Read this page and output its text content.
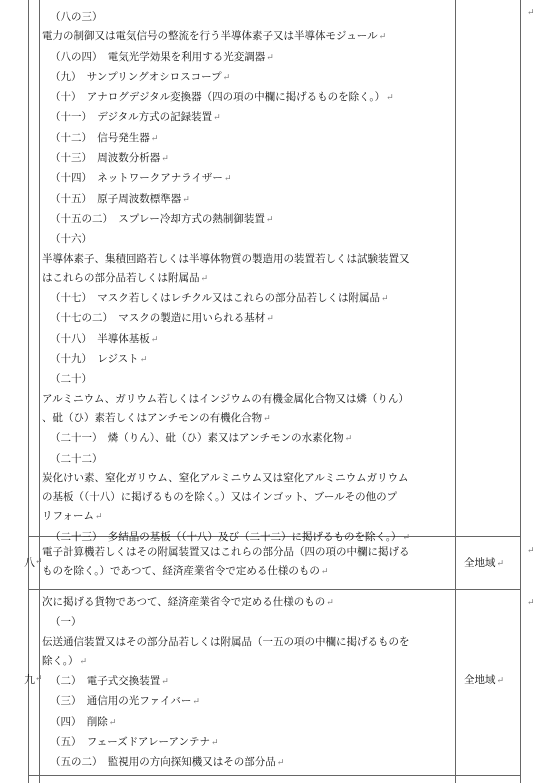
↵
↵
↵
（八の三）
電力の制御又は電気信号の整流を行う半導体素子又は半導体モジュール↵
（八の四）　電気光学効果を利用する光変調器↵
（九）　サンプリングオシロスコープ↵
（十）　アナログデジタル変換器（四の項の中欄に掲げるものを除く。）↵
（十一）　デジタル方式の記録装置↵
（十二）　信号発生器↵
（十三）　周波数分析器↵
（十四）　ネットワークアナライザー↵
（十五）　原子周波数標準器↵
（十五の二）　スプレー冷却方式の熱制御装置↵
（十六）
半導体素子、集積回路若しくは半導体物質の製造用の装置若しくは試験装置又
はこれらの部分品若しくは附属品↵
（十七）　マスク若しくはレチクル又はこれらの部分品若しくは附属品↵
（十七の二）　マスクの製造に用いられる基材↵
（十八）　半導体基板↵
（十九）　レジスト↵
（二十）
アルミニウム、ガリウム若しくはインジウムの有機金属化合物又は燐（りん）
、砒（ひ）素若しくはアンチモンの有機化合物↵
（二十一）　燐（りん）、砒（ひ）素又はアンチモンの水素化物↵
（二十二）
炭化けい素、窒化ガリウム、窒化アルミニウム又は窒化アルミニウムガリウム
の基板（（十八）に掲げるものを除く。）又はインゴット、ブールその他のプ
リフォーム↵
（二十三）　多結晶の基板（（十八）及び（二十二）に掲げるものを除く。）↵
八 ↵
電子計算機若しくはその附属装置又はこれらの部分品（四の項の中欄に掲げる
ものを除く。）であつて、経済産業省令で定める仕様のもの↵
全地域↵
九 ↵
次に掲げる貨物であつて、経済産業省令で定める仕様のもの↵
（一）
伝送通信装置又はその部分品若しくは附属品（一五の項の中欄に掲げるものを
除く。）↵
（二）　電子式交換装置↵
（三）　通信用の光ファイバー↵
（四）　削除↵
（五）　フェーズドアレーアンテナ↵
（五の二）　監視用の方向探知機又はその部分品↵
全地域↵
